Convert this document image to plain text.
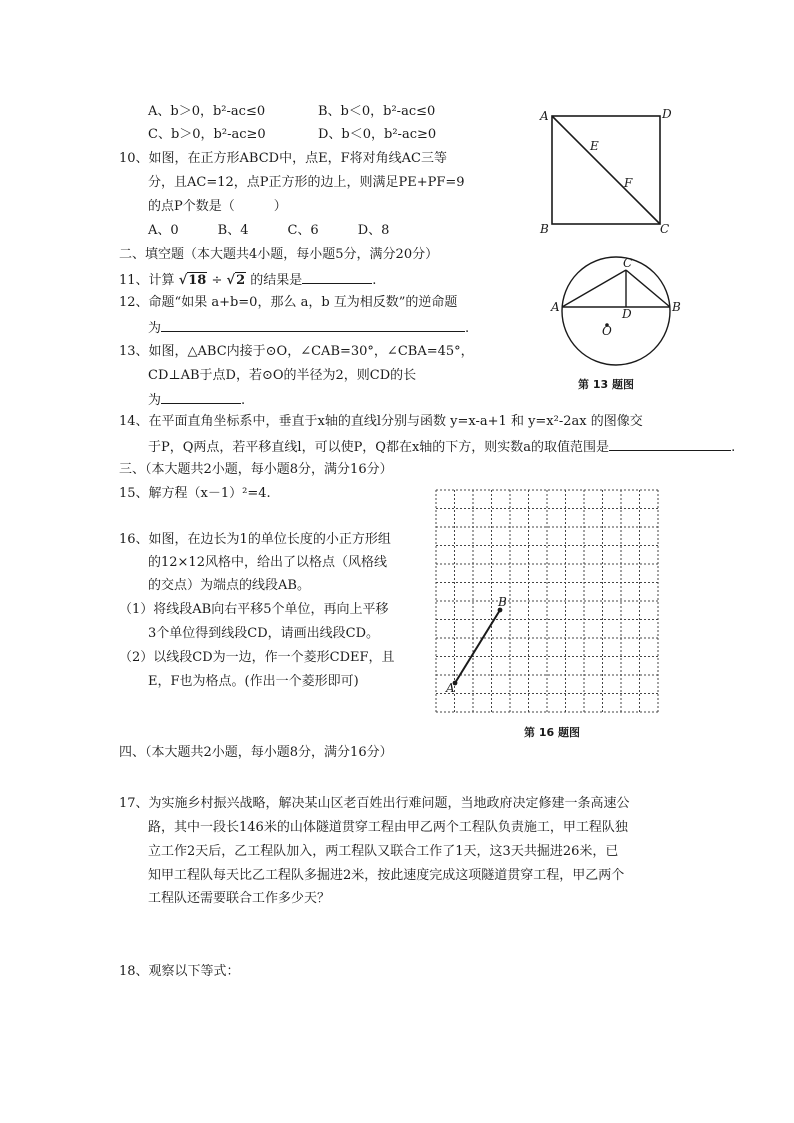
A、b＞0，b²-ac≤0	B、b＜0，b²-ac≤0
C、b＞0，b²-ac≥0	D、b＜0，b²-ac≥0
10、如图，在正方形ABCD中，点E，F将对角线AC三等
分，且AC=12，点P正方形的边上，则满足PE+PF=9
的点P个数是（　　　）
A、0　　　B、4　　　C、6　　　D、8
二、填空题（本大题共4小题，每小题5分，满分20分）
11、计算 √18 ÷ √2 的结果是	.
12、命题“如果 a+b=0，那么 a，b 互为相反数”的逆命题
为	.
13、如图，△ABC内接于⊙O，∠CAB=30°，∠CBA=45°，
CD⊥AB于点D，若⊙O的半径为2，则CD的长
为	.
14、在平面直角坐标系中，垂直于x轴的直线l分别与函数 y=x-a+1 和 y=x²-2ax 的图像交
于P，Q两点，若平移直线l，可以使P，Q都在x轴的下方，则实数a的取值范围是	.
三、（本大题共2小题，每小题8分，满分16分）
15、解方程（x－1）²=4.
16、如图，在边长为1的单位长度的小正方形组
的12×12风格中，给出了以格点（风格线
的交点）为端点的线段AB。
（1）将线段AB向右平移5个单位，再向上平移
3个单位得到线段CD，请画出线段CD。
（2）以线段CD为一边，作一个菱形CDEF，且
E，F也为格点。(作出一个菱形即可)
四、（本大题共2小题，每小题8分，满分16分）
17、为实施乡村振兴战略，解决某山区老百姓出行难问题，当地政府决定修建一条高速公
路，其中一段长146米的山体隧道贯穿工程由甲乙两个工程队负责施工，甲工程队独
立工作2天后，乙工程队加入，两工程队又联合工作了1天，这3天共掘进26米，已
知甲工程队每天比乙工程队多掘进2米，按此速度完成这项隧道贯穿工程，甲乙两个
工程队还需要联合工作多少天？
18、观察以下等式：
A	D
B	C
E
F
A	B
C
D
O
第 13 题图
A
B
第 16 题图
